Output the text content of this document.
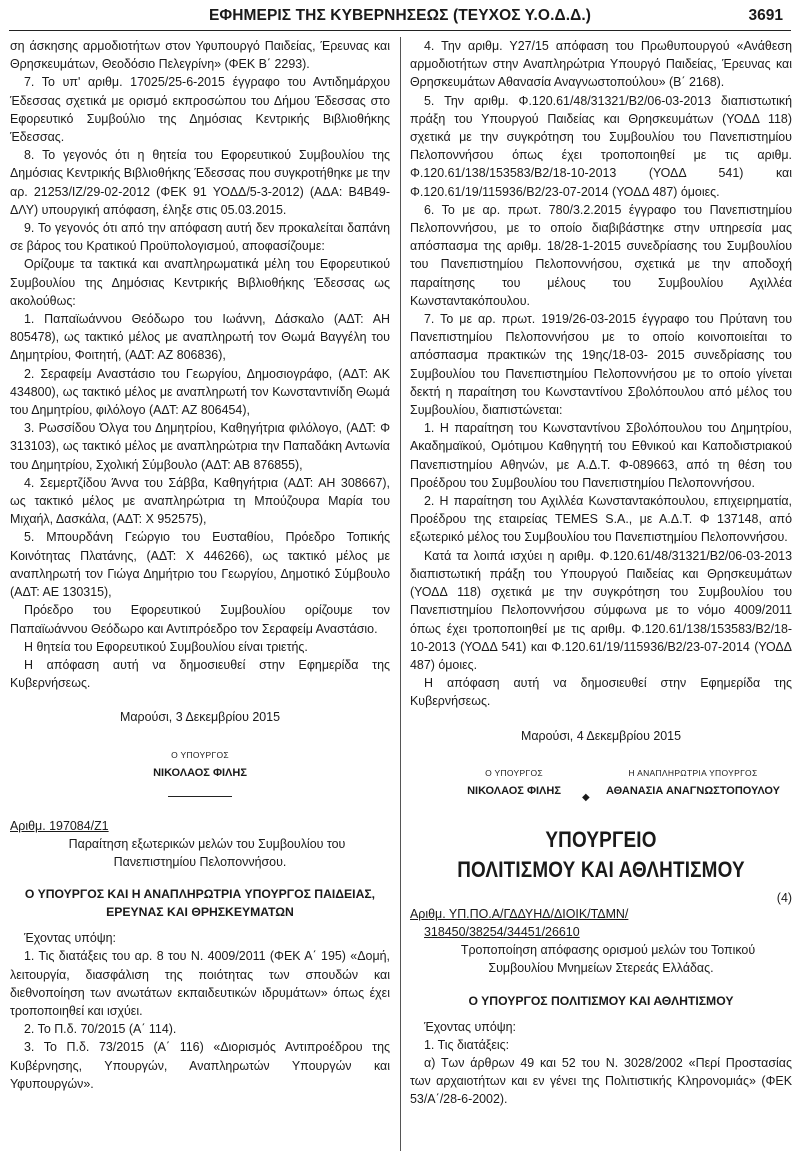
ΕΦΗΜΕΡΙΣ ΤΗΣ ΚΥΒΕΡΝΗΣΕΩΣ (ΤΕΥΧΟΣ Υ.Ο.Δ.Δ.)	3691

ση άσκησης αρμοδιοτήτων στον Υφυπουργό Παιδείας, Έρευνας και Θρησκευμάτων, Θεοδόσιο Πελεγρίνη» (ΦΕΚ Β΄ 2293).

7. Το υπ' αριθμ. 17025/25-6-2015 έγγραφο του Αντιδημάρχου Έδεσσας σχετικά με ορισμό εκπροσώπου του Δήμου Έδεσσας στο Εφορευτικό Συμβούλιο της Δημόσιας Κεντρικής Βιβλιοθήκης Έδεσσας.

8. Το γεγονός ότι η θητεία του Εφορευτικού Συμβουλίου της Δημόσιας Κεντρικής Βιβλιοθήκης Έδεσσας που συγκροτήθηκε με την αρ. 21253/ΙΖ/29-02-2012 (ΦΕΚ 91 ΥΟΔΔ/5-3-2012) (ΑΔΑ: Β4Β49-ΔΛΥ) υπουργική απόφαση, έληξε στις 05.03.2015.

9. Το γεγονός ότι από την απόφαση αυτή δεν προκαλείται δαπάνη σε βάρος του Κρατικού Προϋπολογισμού, αποφασίζουμε:

Ορίζουμε τα τακτικά και αναπληρωματικά μέλη του Εφορευτικού Συμβουλίου της Δημόσιας Κεντρικής Βιβλιοθήκης Έδεσσας ως ακολούθως:

1. Παπαϊωάννου Θεόδωρο του Ιωάννη, Δάσκαλο (ΑΔΤ: ΑΗ 805478), ως τακτικό μέλος με αναπληρωτή τον Θωμά Βαγγέλη του Δημητρίου, Φοιτητή, (ΑΔΤ: ΑΖ 806836),

2. Σεραφείμ Αναστάσιο του Γεωργίου, Δημοσιογράφο, (ΑΔΤ: ΑΚ 434800), ως τακτικό μέλος με αναπληρωτή τον Κωνσταντινίδη Θωμά του Δημητρίου, φιλόλογο (ΑΔΤ: ΑΖ 806454),

3. Ρωσσίδου Όλγα του Δημητρίου, Καθηγήτρια φιλόλογο, (ΑΔΤ: Φ 313103), ως τακτικό μέλος με αναπληρώτρια την Παπαδάκη Αντωνία του Δημητρίου, Σχολική Σύμβουλο (ΑΔΤ: ΑΒ 876855),

4. Σεμερτζίδου Άννα του Σάββα, Καθηγήτρια (ΑΔΤ: ΑΗ 308667), ως τακτικό μέλος με αναπληρώτρια τη Μπούζουρα Μαρία του Μιχαήλ, Δασκάλα, (ΑΔΤ: Χ 952575),

5. Μπουρδάνη Γεώργιο του Ευσταθίου, Πρόεδρο Τοπικής Κοινότητας Πλατάνης, (ΑΔΤ: Χ 446266), ως τακτικό μέλος με αναπληρωτή τον Γιώγα Δημήτριο του Γεωργίου, Δημοτικό Σύμβουλο (ΑΔΤ: ΑΕ 130315),

Πρόεδρο του Εφορευτικού Συμβουλίου ορίζουμε τον Παπαϊωάννου Θεόδωρο και Αντιπρόεδρο τον Σεραφείμ Αναστάσιο.

Η θητεία του Εφορευτικού Συμβουλίου είναι τριετής.

Η απόφαση αυτή να δημοσιευθεί στην Εφημερίδα της Κυβερνήσεως.

Μαρούσι, 3 Δεκεμβρίου 2015
Ο ΥΠΟΥΡΓΟΣ
ΝΙΚΟΛΑΟΣ ΦΙΛΗΣ

Αριθμ. 197084/Ζ1

Παραίτηση εξωτερικών μελών του Συμβουλίου του Πανεπιστημίου Πελοποννήσου.

Ο ΥΠΟΥΡΓΟΣ ΚΑΙ Η ΑΝΑΠΛΗΡΩΤΡΙΑ ΥΠΟΥΡΓΟΣ ΠΑΙΔΕΙΑΣ, ΕΡΕΥΝΑΣ ΚΑΙ ΘΡΗΣΚΕΥΜΑΤΩΝ

Έχοντας υπόψη:

1. Τις διατάξεις του αρ. 8 του Ν. 4009/2011 (ΦΕΚ Α΄ 195) «Δομή, λειτουργία, διασφάλιση της ποιότητας των σπουδών και διεθνοποίηση των ανωτάτων εκπαιδευτικών ιδρυμάτων» όπως έχει τροποποιηθεί και ισχύει.

2. Το Π.δ. 70/2015 (Α΄ 114).

3. Το Π.δ. 73/2015 (Α΄ 116) «Διορισμός Αντιπροέδρου της Κυβέρνησης, Υπουργών, Αναπληρωτών Υπουργών και Υφυπουργών».

4. Την αριθμ. Υ27/15 απόφαση του Πρωθυπουργού «Ανάθεση αρμοδιοτήτων στην Αναπληρώτρια Υπουργό Παιδείας, Έρευνας και Θρησκευμάτων Αθανασία Αναγνωστοπούλου» (Β΄ 2168).

5. Την αριθμ. Φ.120.61/48/31321/Β2/06-03-2013 διαπιστωτική πράξη του Υπουργού Παιδείας και Θρησκευμάτων (ΥΟΔΔ 118) σχετικά με την συγκρότηση του Συμβουλίου του Πανεπιστημίου Πελοποννήσου όπως έχει τροποποιηθεί με τις αριθμ. Φ.120.61/138/153583/Β2/18-10-2013 (ΥΟΔΔ 541) και Φ.120.61/19/115936/Β2/23-07-2014 (ΥΟΔΔ 487) όμοιες.

6. Το με αρ. πρωτ. 780/3.2.2015 έγγραφο του Πανεπιστημίου Πελοποννήσου, με το οποίο διαβιβάστηκε στην υπηρεσία μας απόσπασμα της αριθμ. 18/28-1-2015 συνεδρίασης του Συμβουλίου του Πανεπιστημίου Πελοποννήσου, σχετικά με την αποδοχή παραίτησης του μέλους του Συμβουλίου Αχιλλέα Κωνσταντακόπουλου.

7. Το με αρ. πρωτ. 1919/26-03-2015 έγγραφο του Πρύτανη του Πανεπιστημίου Πελοποννήσου με το οποίο κοινοποιείται το απόσπασμα πρακτικών της 19ης/18-03- 2015 συνεδρίασης του Συμβουλίου του Πανεπιστημίου Πελοποννήσου με το οποίο γίνεται δεκτή η παραίτηση του Κωνσταντίνου Σβολόπουλου από μέλος του Συμβουλίου, διαπιστώνεται:

1. Η παραίτηση του Κωνσταντίνου Σβολόπουλου του Δημητρίου, Ακαδημαϊκού, Ομότιμου Καθηγητή του Εθνικού και Καποδιστριακού Πανεπιστημίου Αθηνών, με Α.Δ.Τ. Φ-089663, από τη θέση του Προέδρου του Συμβουλίου του Πανεπιστημίου Πελοποννήσου.

2. Η παραίτηση του Αχιλλέα Κωνσταντακόπουλου, επιχειρηματία, Προέδρου της εταιρείας TEMES S.A., με Α.Δ.Τ. Φ 137148, από εξωτερικό μέλος του Συμβουλίου του Πανεπιστημίου Πελοποννήσου.

Κατά τα λοιπά ισχύει η αριθμ. Φ.120.61/48/31321/Β2/06-03-2013 διαπιστωτική πράξη του Υπουργού Παιδείας και Θρησκευμάτων (ΥΟΔΔ 118) σχετικά με την συγκρότηση του Συμβουλίου του Πανεπιστημίου Πελοποννήσου σύμφωνα με το νόμο 4009/2011 όπως έχει τροποποιηθεί με τις αριθμ. Φ.120.61/138/153583/Β2/18-10-2013 (ΥΟΔΔ 541) και Φ.120.61/19/115936/Β2/23-07-2014 (ΥΟΔΔ 487) όμοιες.

Η απόφαση αυτή να δημοσιευθεί στην Εφημερίδα της Κυβερνήσεως.

Μαρούσι, 4 Δεκεμβρίου 2015
Ο ΥΠΟΥΡΓΟΣ
ΝΙΚΟΛΑΟΣ ΦΙΛΗΣ
◆
Η ΑΝΑΠΛΗΡΩΤΡΙΑ ΥΠΟΥΡΓΟΣ
ΑΘΑΝΑΣΙΑ ΑΝΑΓΝΩΣΤΟΠΟΥΛΟΥ
ΥΠΟΥΡΓΕΙΟ
ΠΟΛΙΤΙΣΜΟΥ ΚΑΙ ΑΘΛΗΤΙΣΜΟΥ
(4)

Αριθμ. ΥΠ.ΠΟ.Α/ΓΔΔΥΗΔ/ΔΙΟΙΚ/ΤΔΜΝ/

318450/38254/34451/26610

Τροποποίηση απόφασης ορισμού μελών του Τοπικού Συμβουλίου Μνημείων Στερεάς Ελλάδας.

Ο ΥΠΟΥΡΓΟΣ ΠΟΛΙΤΙΣΜΟΥ ΚΑΙ ΑΘΛΗΤΙΣΜΟΥ

Έχοντας υπόψη:

1. Τις διατάξεις:

α) Των άρθρων 49 και 52 του Ν. 3028/2002 «Περί Προστασίας των αρχαιοτήτων και εν γένει της Πολιτιστικής Κληρονομιάς» (ΦΕΚ 53/Α΄/28-6-2002).
